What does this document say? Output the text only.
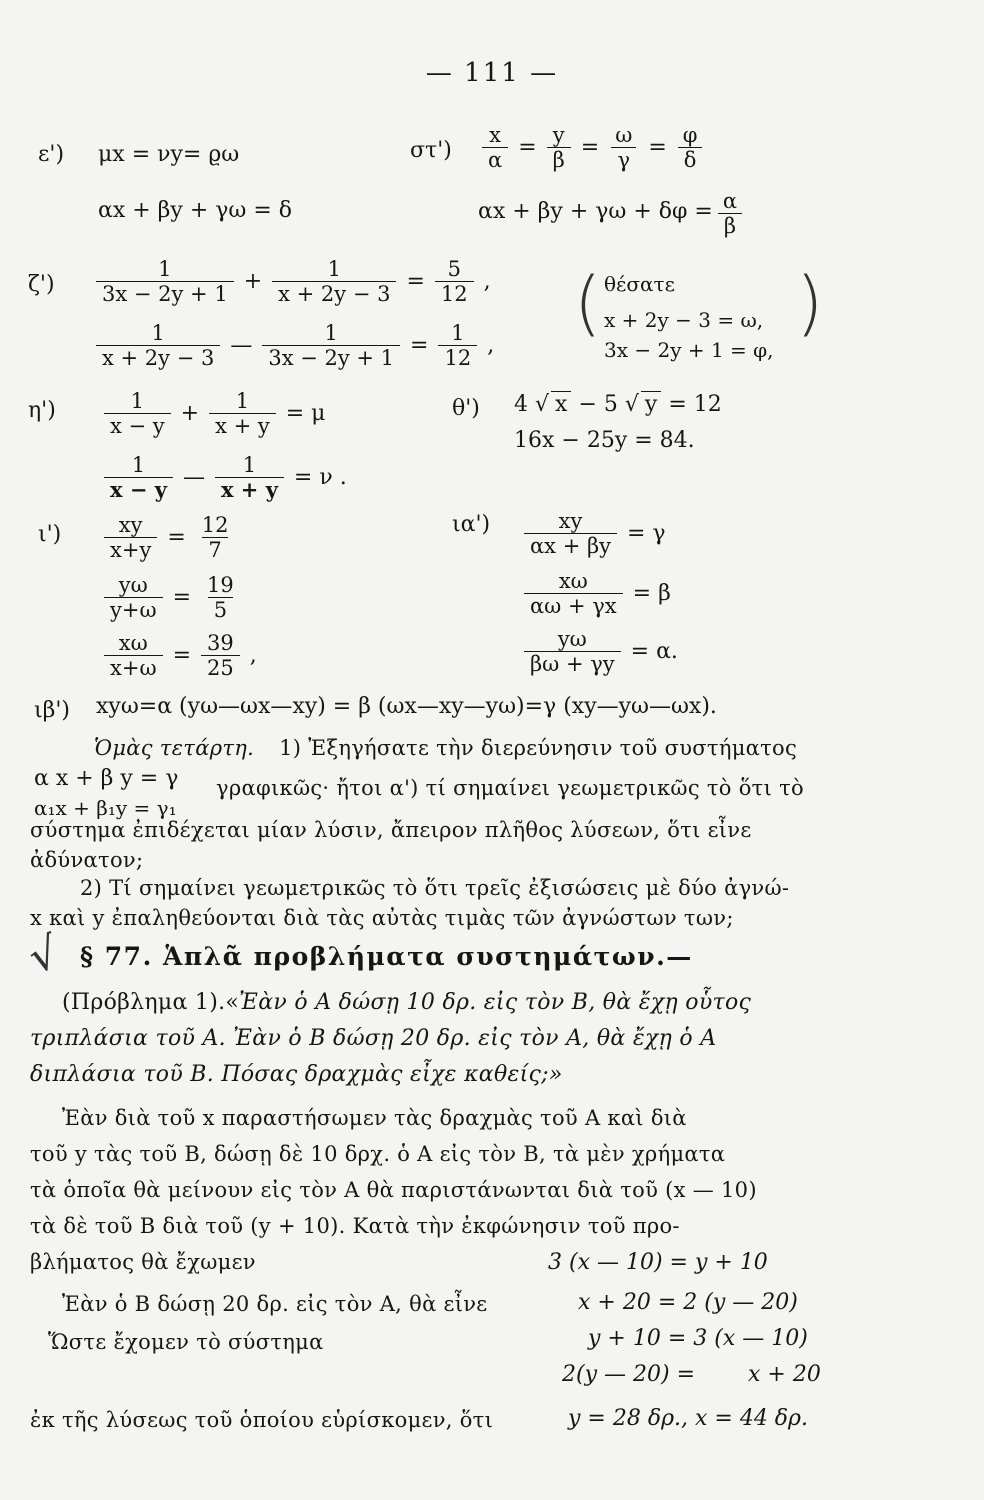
— 111 —
ε') μx = νy= ϱω
αx + βy + γω = δ
$\sigma\tau') \frac{x}{\alpha} = \frac{y}{\beta} = \frac{\omega}{\gamma} = \frac{\varphi}{\delta}$
$\alpha x + \beta y + \gamma\omega + \delta\varphi = \frac{\alpha}{\beta}$
$\zeta') \frac{1}{3x - 2y + 1} + \frac{1}{x + 2y - 3} = \frac{5}{12}$ ,
$\frac{1}{x + 2y - 3}$ — $\frac{1}{3x - 2y + 1} = \frac{1}{12}$ ,
(	)
θέσατε
x + 2y − 3 = ω,
3x − 2y + 1 = φ,
$\eta') \frac{1}{x - y} + \frac{1}{x + y} = \mu$
$\frac{1}{x - y}$ — $\frac{1}{x + y} = \nu$ .
θ') 4 √ x − 5 √ y = 12
16x − 25y = 84.
$\iota') \frac{xy}{x+y} = \frac{12}{7}$
$\frac{y\omega}{y+\omega} = \frac{19}{5}$
$\frac{x\omega}{x+\omega} = \frac{39}{25}$ ,
$\iota\alpha') \frac{xy}{\alpha x + \beta y} = \gamma$
$\frac{x\omega}{\alpha\omega + \gamma x} = \beta$
$\frac{y\omega}{\beta\omega + \gamma y} = \alpha$.
ιβ') xyω=α (yω—ωx—xy) = β (ωx—xy—yω)=γ (xy—yω—ωx).
Ὁμὰς τετάρτη. 1) Ἐξηγήσατε τὴν διερεύνησιν τοῦ συστήματος
α x + β y = γ
α₁x + β₁y = γ₁
γραφικῶς· ἤτοι α') τί σημαίνει γεωμετρικῶς τὸ ὅτι τὸ
σύστημα ἐπιδέχεται μίαν λύσιν, ἄπειρον πλῆθος λύσεων, ὅτι εἶνε
ἀδύνατον;
2) Τί σημαίνει γεωμετρικῶς τὸ ὅτι τρεῖς ἐξισώσεις μὲ δύο ἀγνώ-
x καὶ y ἐπαληθεύονται διὰ τὰς αὐτὰς τιμὰς τῶν ἀγνώστων των;
√ § 77. Ἁπλᾶ προβλήματα συστημάτων.—
(Πρόβλημα 1).«Ἐὰν ὁ Α δώσῃ 10 δρ. εἰς τὸν Β, θὰ ἔχῃ οὗτος
τριπλάσια τοῦ Α. Ἐὰν ὁ Β δώσῃ 20 δρ. εἰς τὸν Α, θὰ ἔχῃ ὁ Α
διπλάσια τοῦ Β. Πόσας δραχμὰς εἶχε καθείς;»
Ἐὰν διὰ τοῦ x παραστήσωμεν τὰς δραχμὰς τοῦ Α καὶ διὰ
τοῦ y τὰς τοῦ Β, δώσῃ δὲ 10 δρχ. ὁ Α εἰς τὸν Β, τὰ μὲν χρήματα
τὰ ὁποῖα θὰ μείνουν εἰς τὸν Α θὰ παριστάνωνται διὰ τοῦ (x — 10)
τὰ δὲ τοῦ Β διὰ τοῦ (y + 10). Κατὰ τὴν ἐκφώνησιν τοῦ προ-
βλήματος θὰ ἔχωμεν	3 (x — 10) = y + 10
Ἐὰν ὁ Β δώσῃ 20 δρ. εἰς τὸν Α, θὰ εἶνε	x + 20 = 2 (y — 20)
Ὥστε ἔχομεν τὸ σύστημα	y + 10 = 3 (x — 10)
2(y — 20) = x + 20
ἐκ τῆς λύσεως τοῦ ὁποίου εὑρίσκομεν, ὅτι	y = 28 δρ., x = 44 δρ.
